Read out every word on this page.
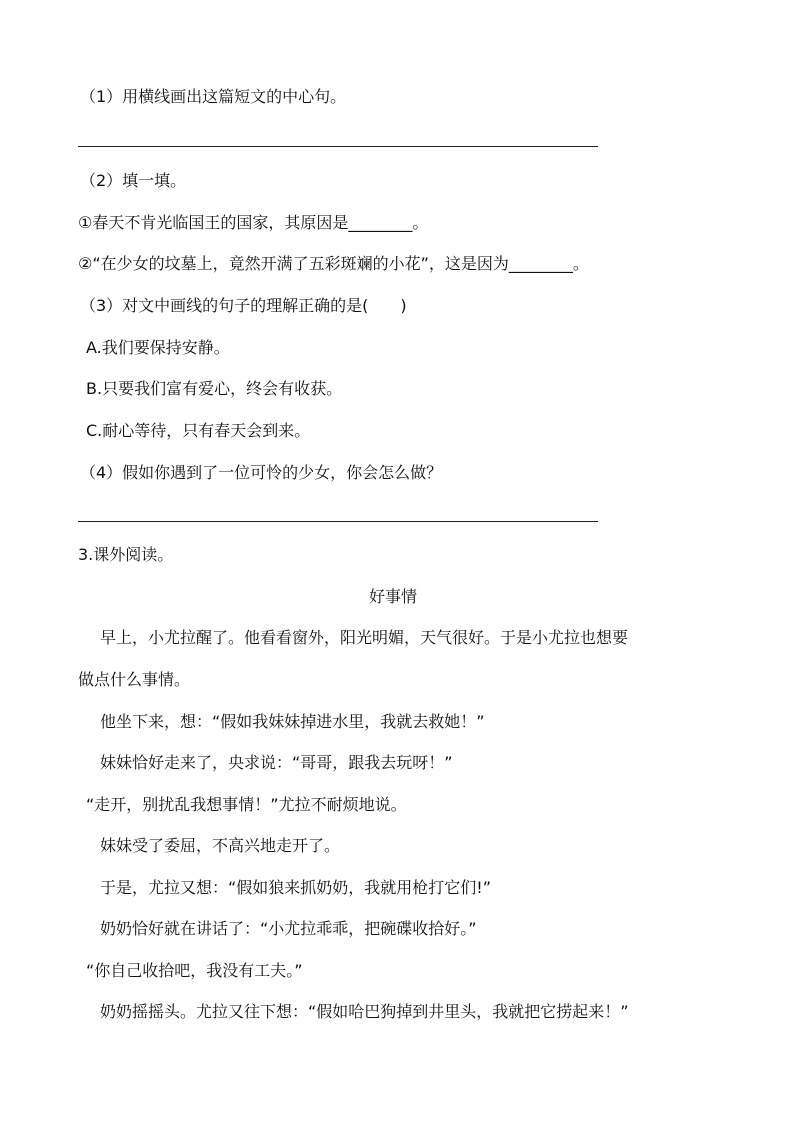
（1）用横线画出这篇短文的中心句。
（2）填一填。
①春天不肯光临国王的国家，其原因是________。
②“在少女的坟墓上，竟然开满了五彩斑斓的小花”，这是因为________。
（3）对文中画线的句子的理解正确的是(　　)
A.我们要保持安静。
B.只要我们富有爱心，终会有收获。
C.耐心等待，只有春天会到来。
（4）假如你遇到了一位可怜的少女，你会怎么做？
3.课外阅读。
好事情
早上，小尤拉醒了。他看看窗外，阳光明媚，天气很好。于是小尤拉也想要
做点什么事情。
他坐下来，想：“假如我妹妹掉进水里，我就去救她！”
妹妹恰好走来了，央求说：“哥哥，跟我去玩呀！”
“走开，别扰乱我想事情！”尤拉不耐烦地说。
妹妹受了委屈，不高兴地走开了。
于是，尤拉又想：“假如狼来抓奶奶，我就用枪打它们!”
奶奶恰好就在讲话了：“小尤拉乖乖，把碗碟收拾好。”
“你自己收拾吧，我没有工夫。”
奶奶摇摇头。尤拉又往下想：“假如哈巴狗掉到井里头，我就把它捞起来！”
